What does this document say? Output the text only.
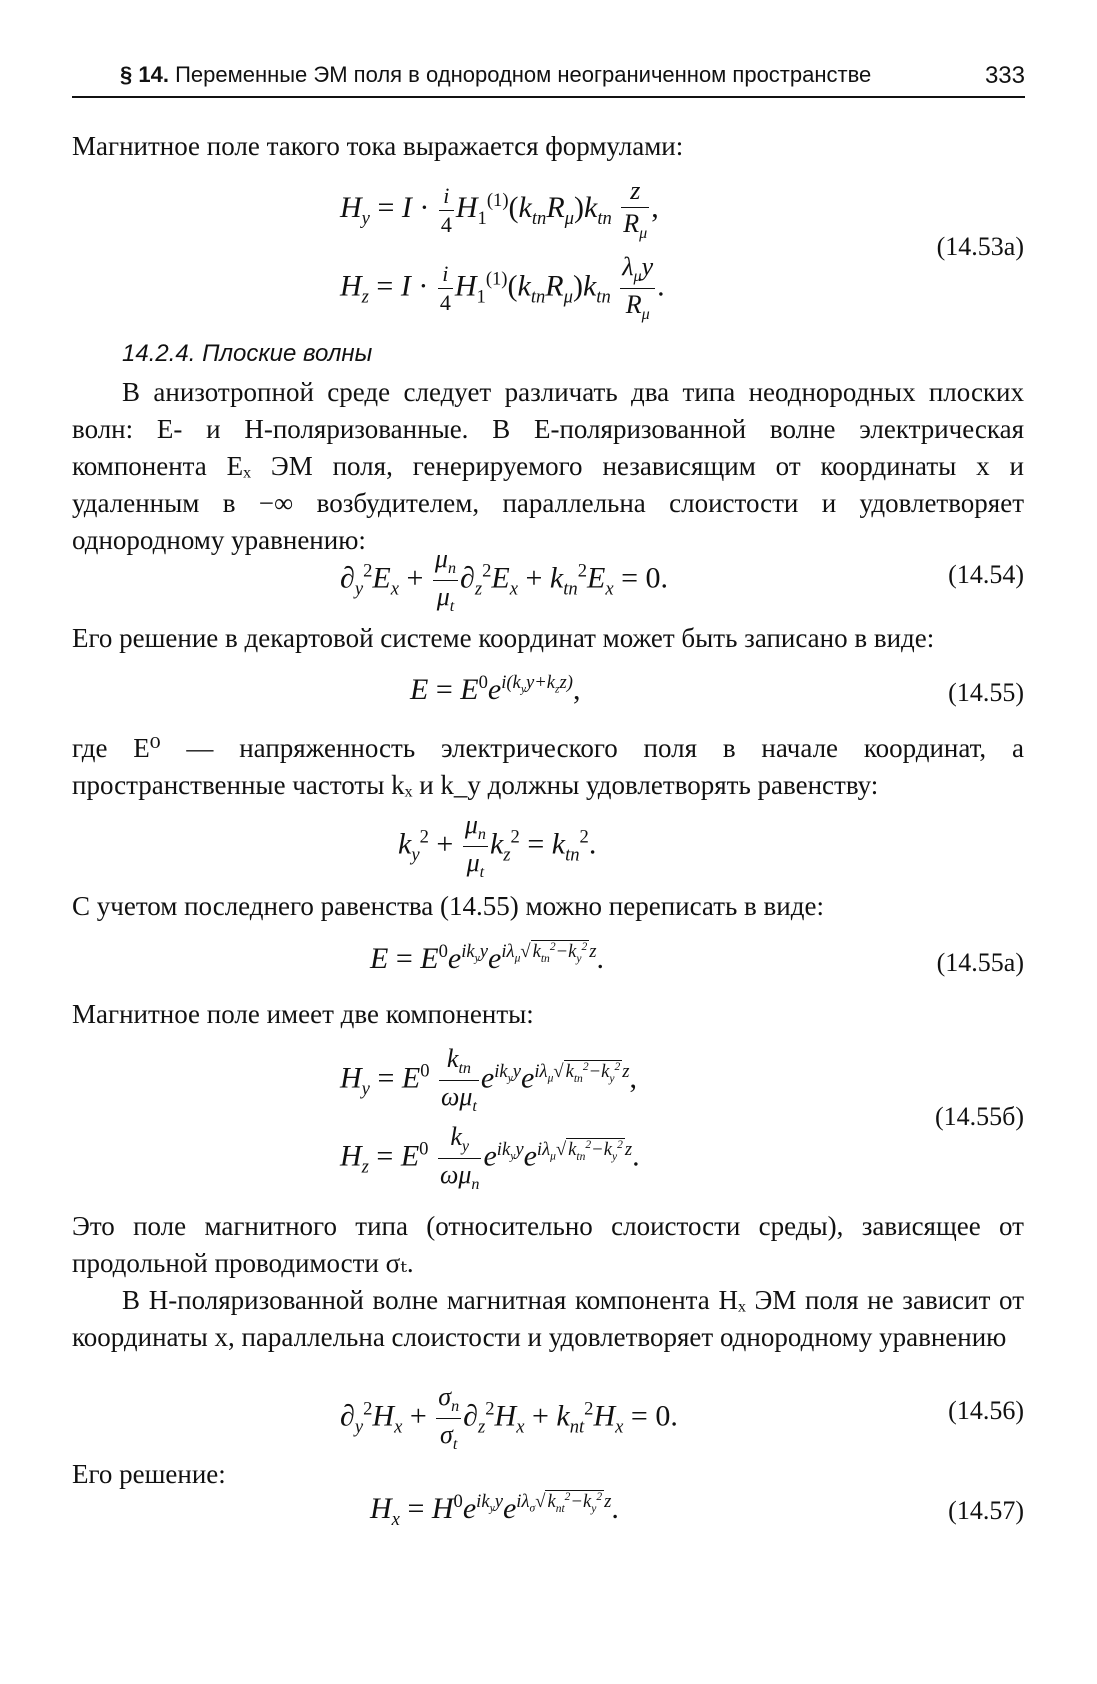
§ 14. Переменные ЭМ поля в однородном неограниченном пространстве	333

Магнитное поле такого тока выражается формулами:

$H_y = I \cdot \frac{i}{4} H_1^{(1)}(k_{tn}R_\mu)k_{tn} \frac{z}{R_\mu}$ ,
$H_z = I \cdot \frac{i}{4} H_1^{(1)}(k_{tn}R_\mu)k_{tn} \frac{\lambda_\mu y}{R_\mu}$ .
(14.53а)
14.2.4. Плоские волны

В анизотропной среде следует различать два типа неоднородных плоских волн: E- и H-поляризованные. В E-поляризованной волне электрическая компонента Eₓ ЭМ поля, генерируемого независящим от координаты x и удаленным в −∞ возбудителем, параллельна слоистости и удовлетворяет однородному уравнению:

$\partial_y^2E_x + \frac{\mu_n}{\mu_t} \partial_z^2E_x + k_{tn}^2E_x = 0$.	(14.54)

Его решение в декартовой системе координат может быть записано в виде:

$E = E^0e^{i(k_yy+k_zz)}$,	(14.55)

где E⁰ — напряженность электрического поля в начале координат, а пространственные частоты kₓ и k_y должны удовлетворять равенству:

$k_y^2 + \frac{\mu_n}{\mu_t} k_z^2 = k_{tn}^2$.

С учетом последнего равенства (14.55) можно переписать в виде:

$E = E^0e^{ik_yy}e^{i\lambda_\mu√ k_{tn}^2-k_y^2 z}$.	(14.55а)

Магнитное поле имеет две компоненты:

$H_y = E^0 \frac{k_{tn}}{\omega\mu_t} e^{ik_yy}e^{i\lambda_\mu√ k_{tn}^2-k_y^2 z}$,
$H_z = E^0 \frac{k_y}{\omega\mu_n} e^{ik_yy}e^{i\lambda_\mu√ k_{tn}^2-k_y^2 z}$.
(14.55б)

Это поле магнитного типа (относительно слоистости среды), зависящее от продольной проводимости σₜ.

В H-поляризованной волне магнитная компонента Hₓ ЭМ поля не зависит от координаты x, параллельна слоистости и удовлетворяет однородному уравнению

$\partial_y^2H_x + \frac{\sigma_n}{\sigma_t} \partial_z^2H_x + k_{nt}^2H_x = 0$.	(14.56)

Его решение:

$H_x = H^0e^{ik_yy}e^{i\lambda_\sigma√ k_{nt}^2-k_y^2 z}$.	(14.57)
